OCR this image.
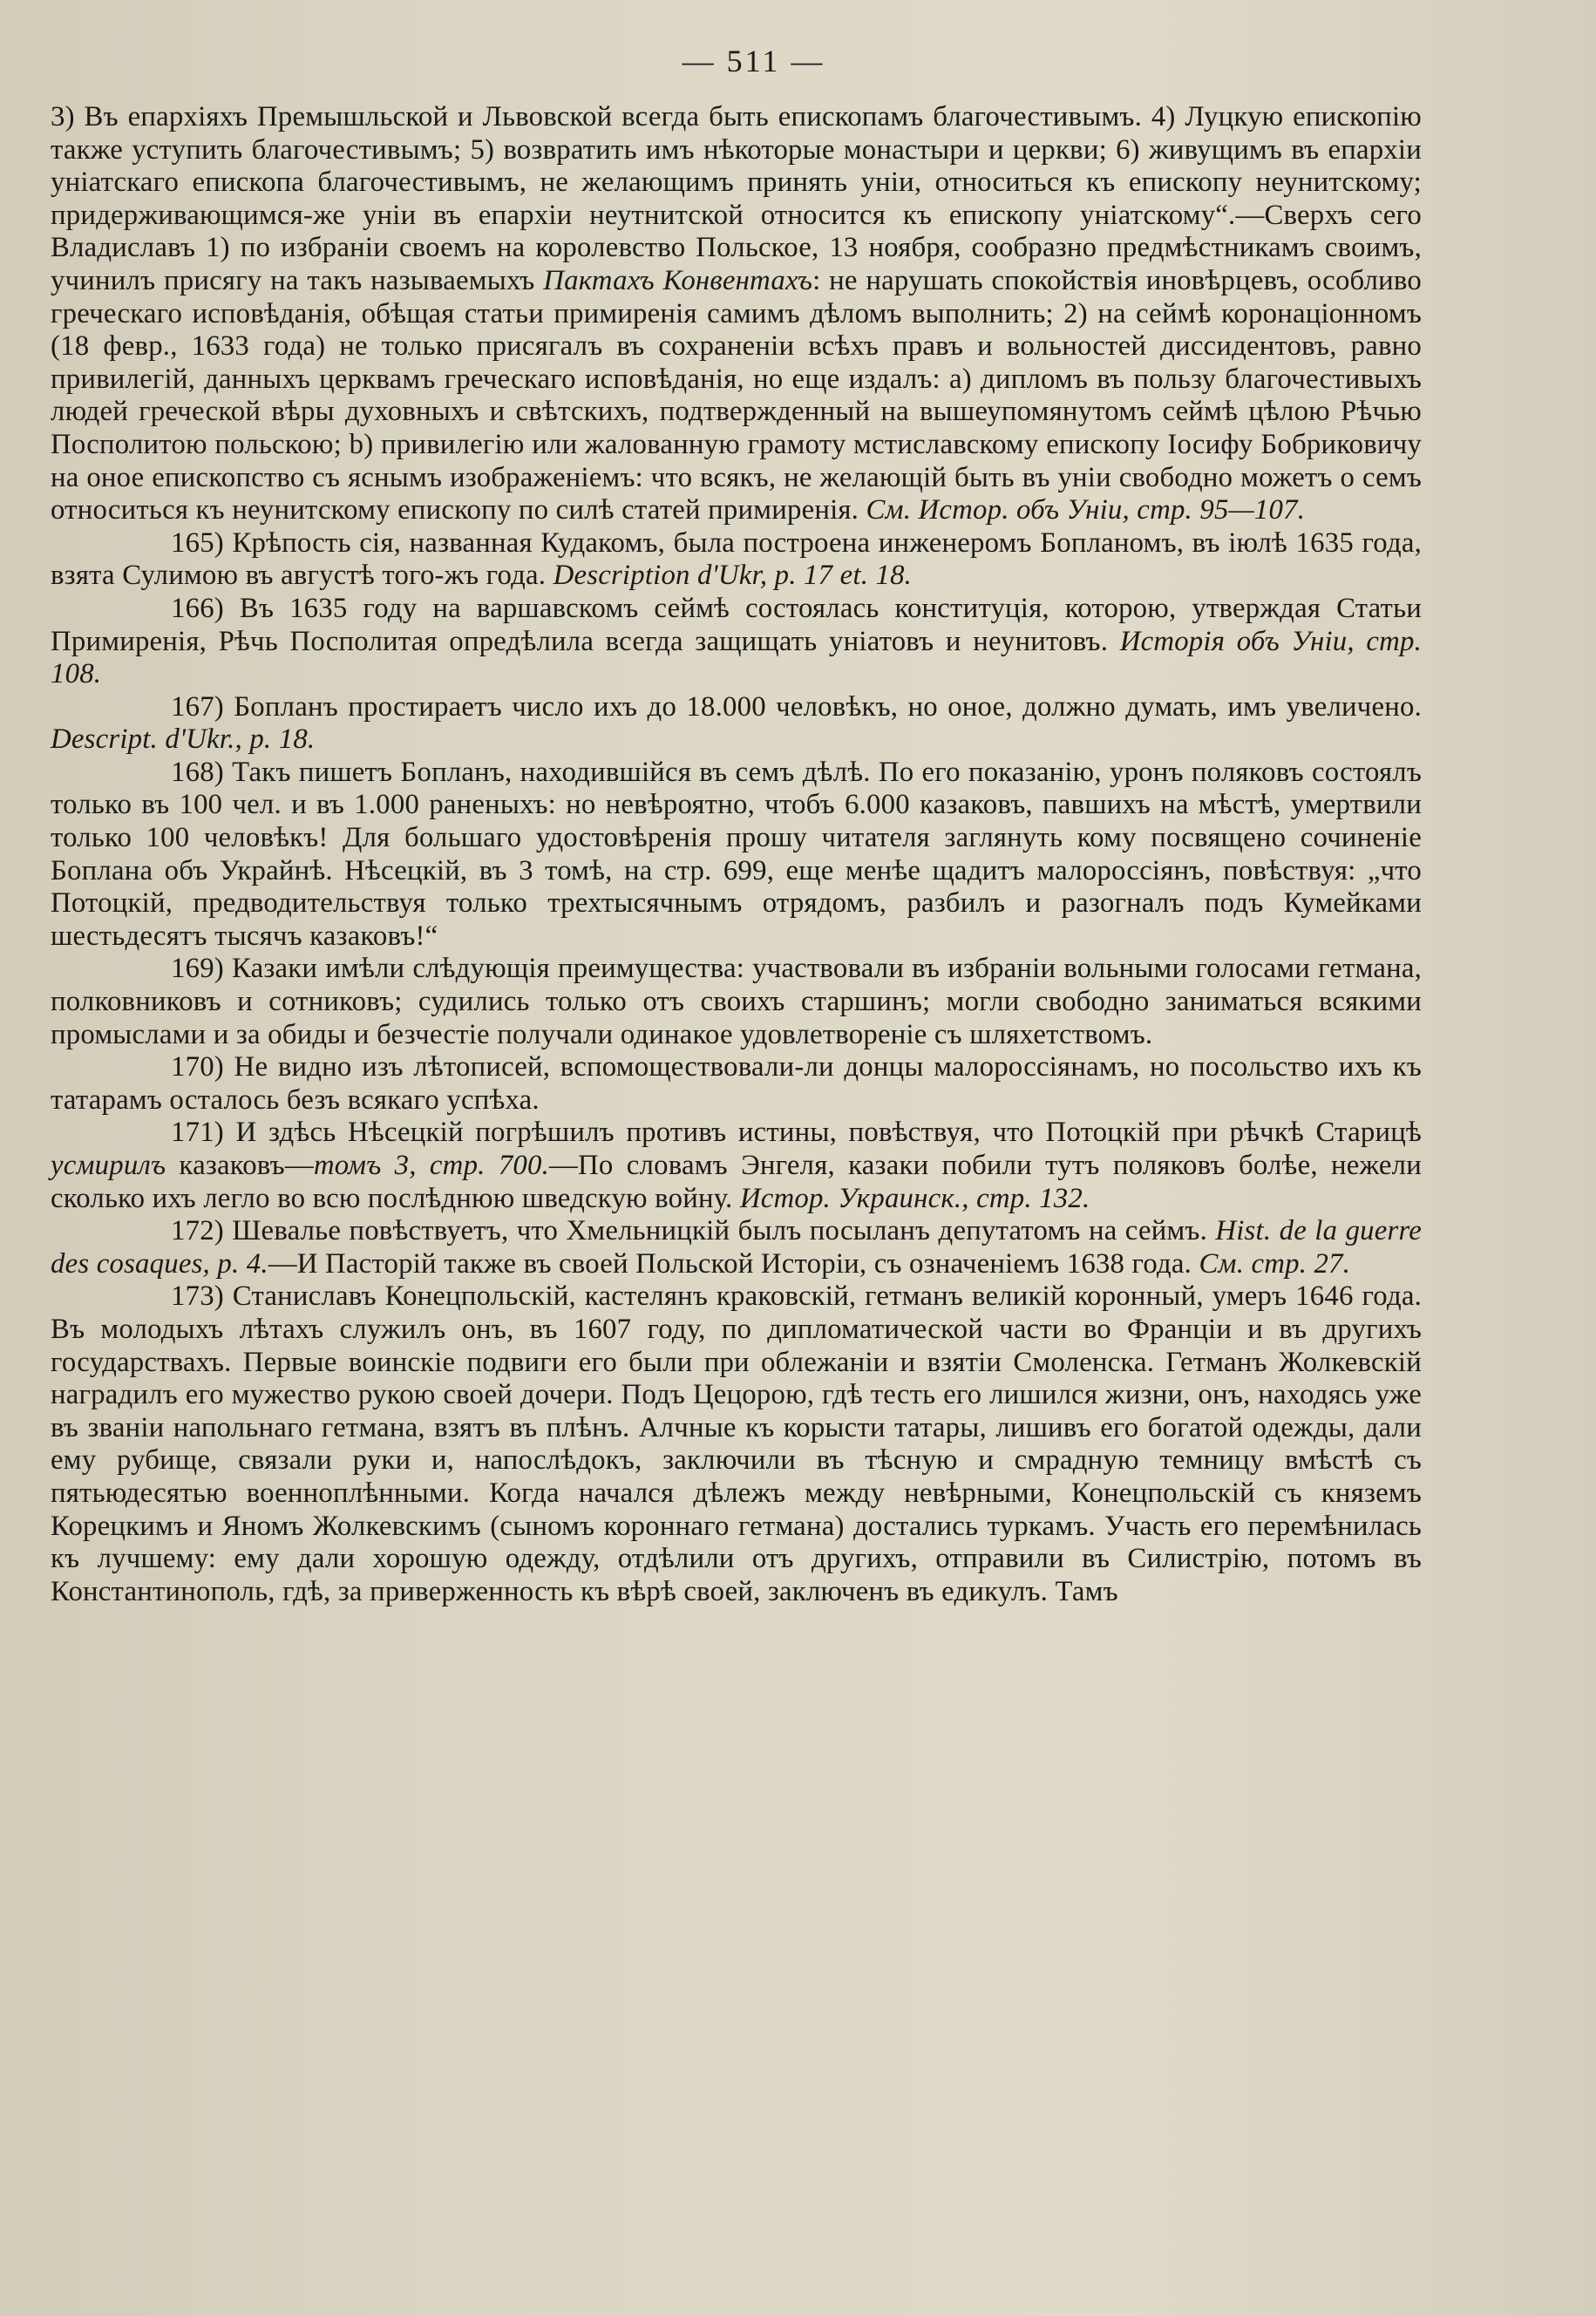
— 511 —

3) Въ епархіяхъ Премышльской и Львовской всегда быть епископамъ благочестивымъ. 4) Луцкую епископію также уступить благочестивымъ; 5) возвратить имъ нѣкоторые монастыри и церкви; 6) живущимъ въ епархіи уніатскаго епископа благочестивымъ, не желающимъ принять уніи, относиться къ епископу неунитскому; придерживающимся-же уніи въ епархіи неутнитской относится къ епископу уніатскому“.—Сверхъ сего Владиславъ 1) по избраніи своемъ на королевство Польское, 13 ноября, сообразно предмѣстникамъ своимъ, учинилъ присягу на такъ называемыхъ Пактахъ Конвентахъ: не нарушать спокойствія иновѣрцевъ, особливо греческаго исповѣданія, обѣщая статьи примиренія самимъ дѣломъ выполнить; 2) на сеймѣ коронаціонномъ (18 февр., 1633 года) не только присягалъ въ сохраненіи всѣхъ правъ и вольностей диссидентовъ, равно привилегій, данныхъ церквамъ греческаго исповѣданія, но еще издалъ: a) дипломъ въ пользу благочестивыхъ людей греческой вѣры духовныхъ и свѣтскихъ, подтвержденный на вышеупомянутомъ сеймѣ цѣлою Рѣчью Посполитою польскою; b) привилегію или жалованную грамоту мстиславскому епископу Іосифу Бобриковичу на оное епископство съ яснымъ изображеніемъ: что всякъ, не желающій быть въ уніи свободно можетъ о семъ относиться къ неунитскому епископу по силѣ статей примиренія. См. Истор. объ Уніи, стр. 95—107.

165) Крѣпость сія, названная Кудакомъ, была построена инженеромъ Бопланомъ, въ іюлѣ 1635 года, взята Сулимою въ августѣ того-жъ года. Description d'Ukr, p. 17 et. 18.

166) Въ 1635 году на варшавскомъ сеймѣ состоялась конституція, которою, утверждая Статьи Примиренія, Рѣчь Посполитая опредѣлила всегда защищать уніатовъ и неунитовъ. Исторія объ Уніи, стр. 108.

167) Бопланъ простираетъ число ихъ до 18.000 человѣкъ, но оное, должно думать, имъ увеличено. Descript. d'Ukr., p. 18.

168) Такъ пишетъ Бопланъ, находившійся въ семъ дѣлѣ. По его показанію, уронъ поляковъ состоялъ только въ 100 чел. и въ 1.000 раненыхъ: но невѣроятно, чтобъ 6.000 казаковъ, павшихъ на мѣстѣ, умертвили только 100 человѣкъ! Для большаго удостовѣренія прошу читателя заглянуть кому посвящено сочиненіе Боплана объ Украйнѣ. Нѣсецкій, въ 3 томѣ, на стр. 699, еще менѣе щадитъ малороссіянъ, повѣствуя: „что Потоцкій, предводительствуя только трехтысячнымъ отрядомъ, разбилъ и разогналъ подъ Кумейками шестьдесятъ тысячъ казаковъ!“

169) Казаки имѣли слѣдующія преимущества: участвовали въ избраніи вольными голосами гетмана, полковниковъ и сотниковъ; судились только отъ своихъ старшинъ; могли свободно заниматься всякими промыслами и за обиды и безчестіе получали одинакое удовлетвореніе съ шляхетствомъ.

170) Не видно изъ лѣтописей, вспомоществовали-ли донцы малороссіянамъ, но посольство ихъ къ татарамъ осталось безъ всякаго успѣха.

171) И здѣсь Нѣсецкій погрѣшилъ противъ истины, повѣствуя, что Потоцкій при рѣчкѣ Старицѣ усмирилъ казаковъ—томъ 3, стр. 700.—По словамъ Энгеля, казаки побили тутъ поляковъ болѣе, нежели сколько ихъ легло во всю послѣднюю шведскую войну. Истор. Украинск., стр. 132.

172) Шевалье повѣствуетъ, что Хмельницкій былъ посыланъ депутатомъ на сеймъ. Hist. de la guerre des cosaques, p. 4.—И Пасторій также въ своей Польской Исторіи, съ означеніемъ 1638 года. См. стр. 27.

173) Станиславъ Конецпольскій, кастелянъ краковскій, гетманъ великій коронный, умеръ 1646 года. Въ молодыхъ лѣтахъ служилъ онъ, въ 1607 году, по дипломатической части во Франціи и въ другихъ государствахъ. Первые воинскіе подвиги его были при облежаніи и взятіи Смоленска. Гетманъ Жолкевскій наградилъ его мужество рукою своей дочери. Подъ Цецорою, гдѣ тесть его лишился жизни, онъ, находясь уже въ званіи напольнаго гетмана, взятъ въ плѣнъ. Алчные къ корысти татары, лишивъ его богатой одежды, дали ему рубище, связали руки и, напослѣдокъ, заключили въ тѣсную и смрадную темницу вмѣстѣ съ пятьюдесятью военноплѣнными. Когда начался дѣлежъ между невѣрными, Конецпольскій съ княземъ Корецкимъ и Яномъ Жолкевскимъ (сыномъ короннаго гетмана) достались туркамъ. Участь его перемѣнилась къ лучшему: ему дали хорошую одежду, отдѣлили отъ другихъ, отправили въ Силистрію, потомъ въ Константинополь, гдѣ, за приверженность къ вѣрѣ своей, заключенъ въ едикулъ. Тамъ
